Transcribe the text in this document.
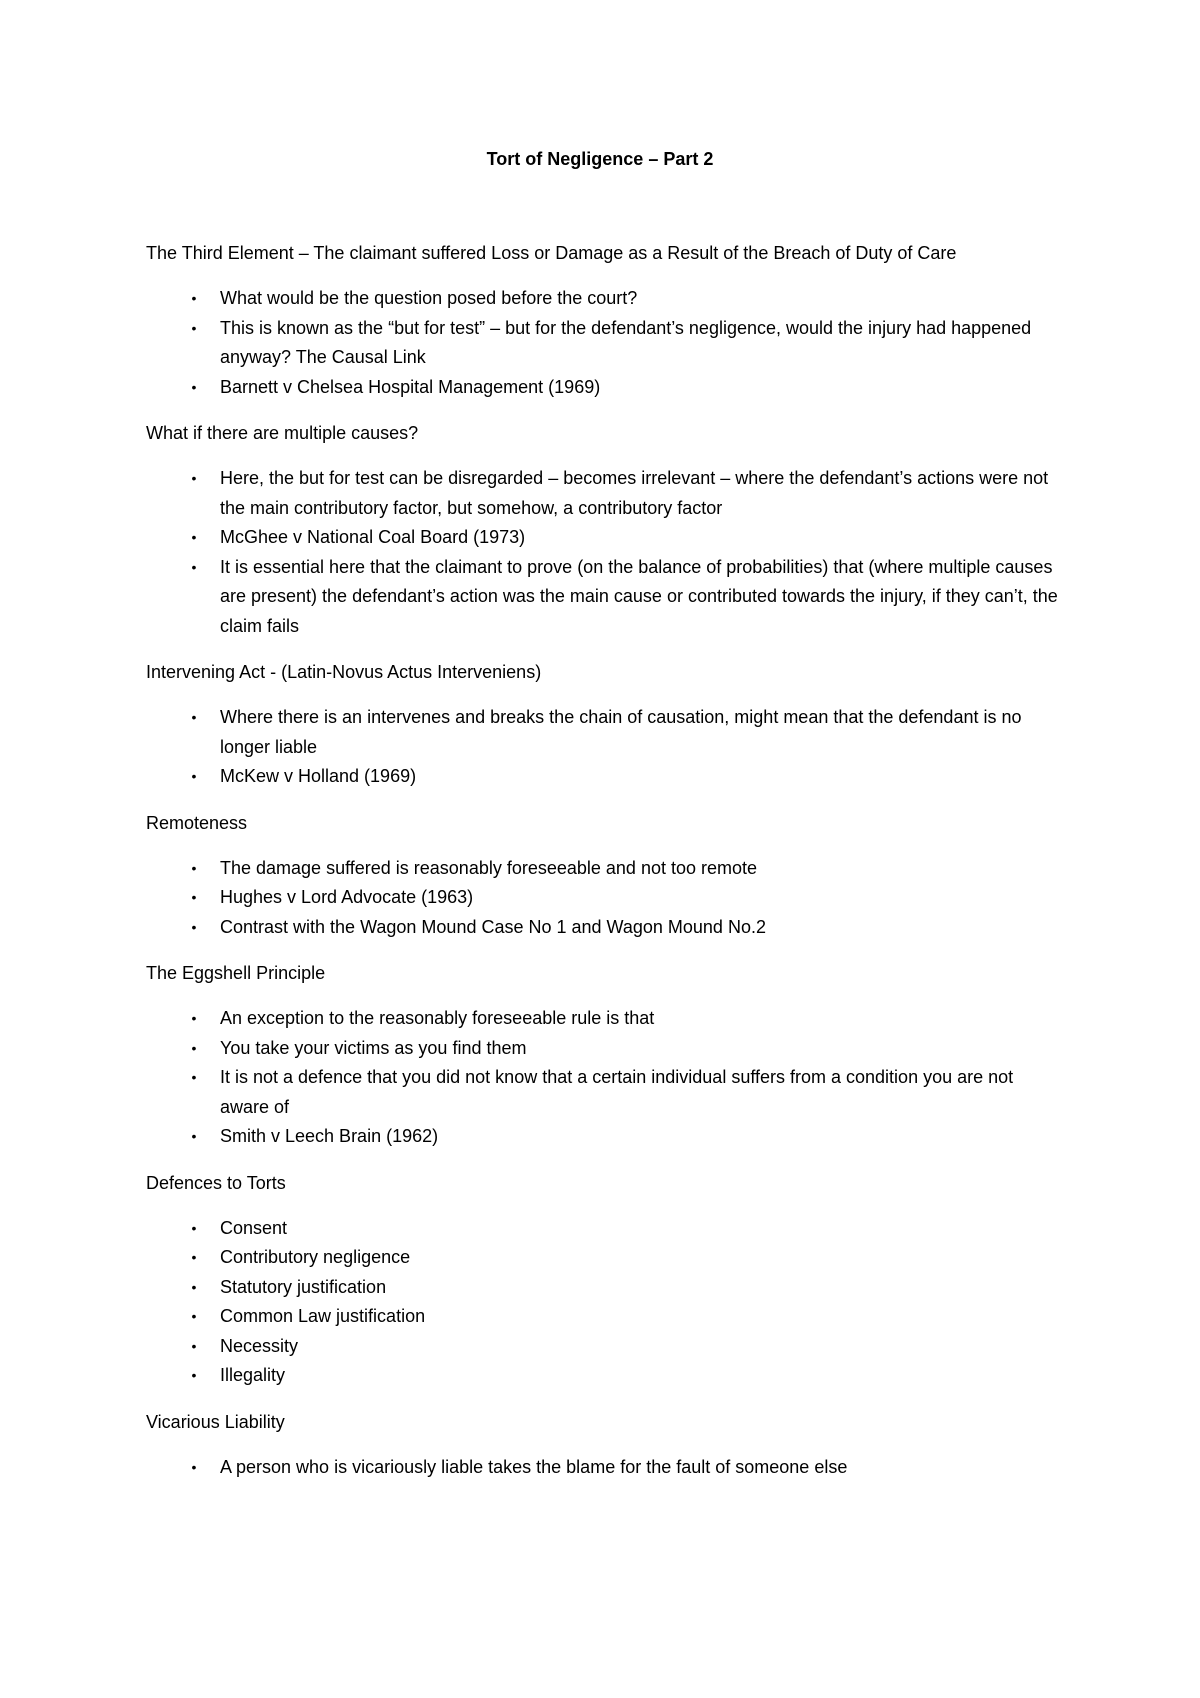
Tort of Negligence – Part 2

The Third Element – The claimant suffered Loss or Damage as a Result of the Breach of Duty of Care

• What would be the question posed before the court?
• This is known as the “but for test” – but for the defendant’s negligence, would the injury had happened anyway? The Causal Link
• Barnett v Chelsea Hospital Management (1969)

What if there are multiple causes?

• Here, the but for test can be disregarded – becomes irrelevant – where the defendant’s actions were not the main contributory factor, but somehow, a contributory factor
• McGhee v National Coal Board (1973)
• It is essential here that the claimant to prove (on the balance of probabilities) that (where multiple causes are present) the defendant’s action was the main cause or contributed towards the injury, if they can’t, the claim fails

Intervening Act - (Latin-Novus Actus Interveniens)

• Where there is an intervenes and breaks the chain of causation, might mean that the defendant is no longer liable
• McKew v Holland (1969)

Remoteness

• The damage suffered is reasonably foreseeable and not too remote
• Hughes v Lord Advocate (1963)
• Contrast with the Wagon Mound Case No 1 and Wagon Mound No.2

The Eggshell Principle

• An exception to the reasonably foreseeable rule is that
• You take your victims as you find them
• It is not a defence that you did not know that a certain individual suffers from a condition you are not aware of
• Smith v Leech Brain (1962)

Defences to Torts

• Consent
• Contributory negligence
• Statutory justification
• Common Law justification
• Necessity
• Illegality

Vicarious Liability

• A person who is vicariously liable takes the blame for the fault of someone else
